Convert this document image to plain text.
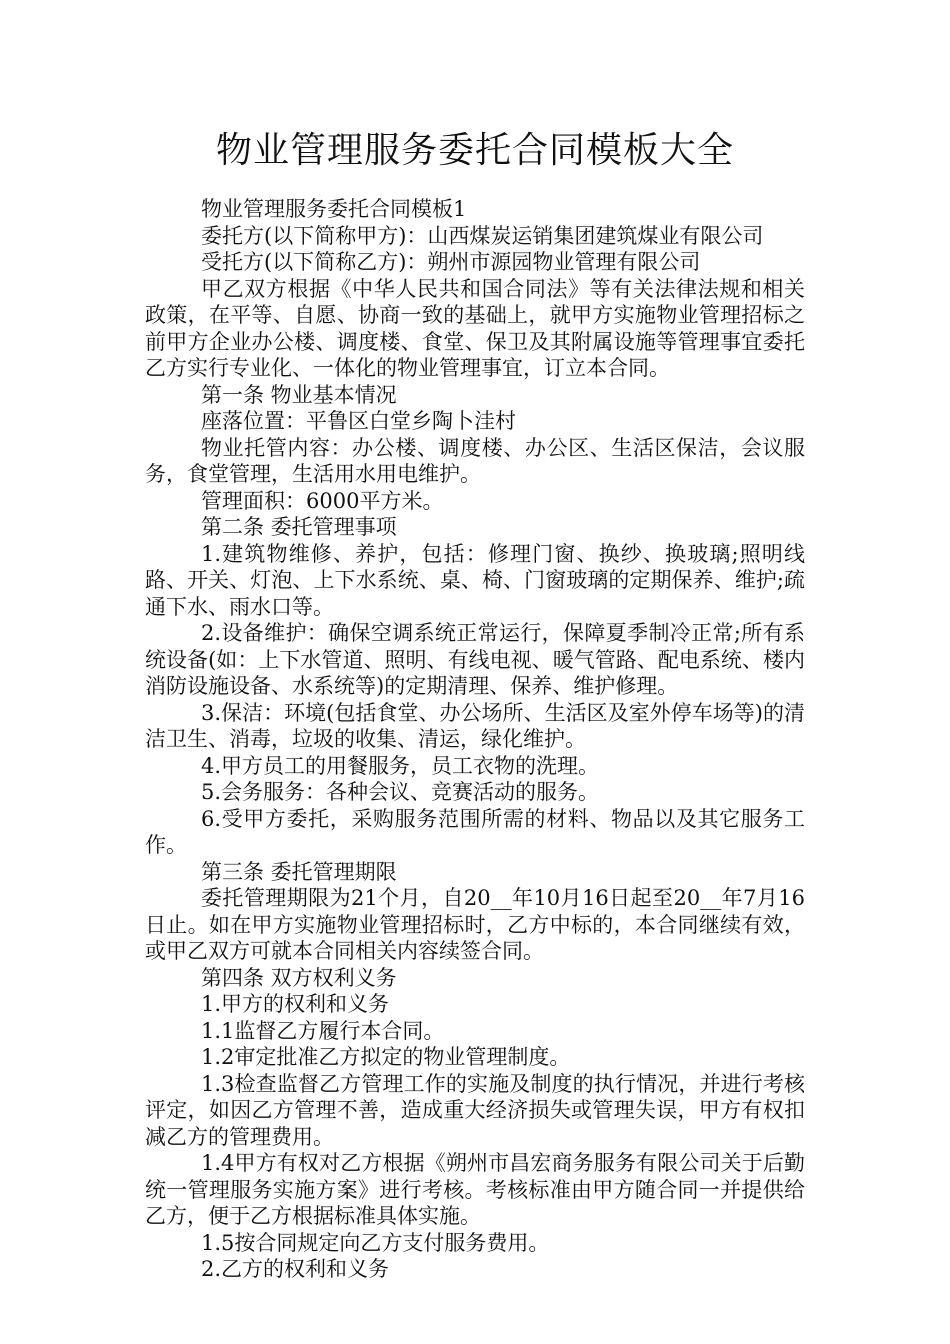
物业管理服务委托合同模板大全

物业管理服务委托合同模板1

委托方(以下简称甲方)：山西煤炭运销集团建筑煤业有限公司

受托方(以下简称乙方)：朔州市源园物业管理有限公司

甲乙双方根据《中华人民共和国合同法》等有关法律法规和相关政策，在平等、自愿、协商一致的基础上，就甲方实施物业管理招标之前甲方企业办公楼、调度楼、食堂、保卫及其附属设施等管理事宜委托乙方实行专业化、一体化的物业管理事宜，订立本合同。

第一条 物业基本情况

座落位置：平鲁区白堂乡陶卜洼村

物业托管内容：办公楼、调度楼、办公区、生活区保洁，会议服务，食堂管理，生活用水用电维护。

管理面积：6000平方米。

第二条 委托管理事项

1.建筑物维修、养护，包括：修理门窗、换纱、换玻璃;照明线路、开关、灯泡、上下水系统、桌、椅、门窗玻璃的定期保养、维护;疏通下水、雨水口等。

2.设备维护：确保空调系统正常运行，保障夏季制冷正常;所有系统设备(如：上下水管道、照明、有线电视、暖气管路、配电系统、楼内消防设施设备、水系统等)的定期清理、保养、维护修理。

3.保洁：环境(包括食堂、办公场所、生活区及室外停车场等)的清洁卫生、消毒，垃圾的收集、清运，绿化维护。

4.甲方员工的用餐服务，员工衣物的洗理。

5.会务服务：各种会议、竞赛活动的服务。

6.受甲方委托，采购服务范围所需的材料、物品以及其它服务工作。

第三条 委托管理期限

委托管理期限为21个月，自20__年10月16日起至20__年7月16日止。如在甲方实施物业管理招标时，乙方中标的，本合同继续有效，或甲乙双方可就本合同相关内容续签合同。

第四条 双方权利义务

1.甲方的权利和义务

1.1监督乙方履行本合同。

1.2审定批准乙方拟定的物业管理制度。

1.3检查监督乙方管理工作的实施及制度的执行情况，并进行考核评定，如因乙方管理不善，造成重大经济损失或管理失误，甲方有权扣减乙方的管理费用。

1.4甲方有权对乙方根据《朔州市昌宏商务服务有限公司关于后勤统一管理服务实施方案》进行考核。考核标准由甲方随合同一并提供给乙方，便于乙方根据标准具体实施。

1.5按合同规定向乙方支付服务费用。

2.乙方的权利和义务
